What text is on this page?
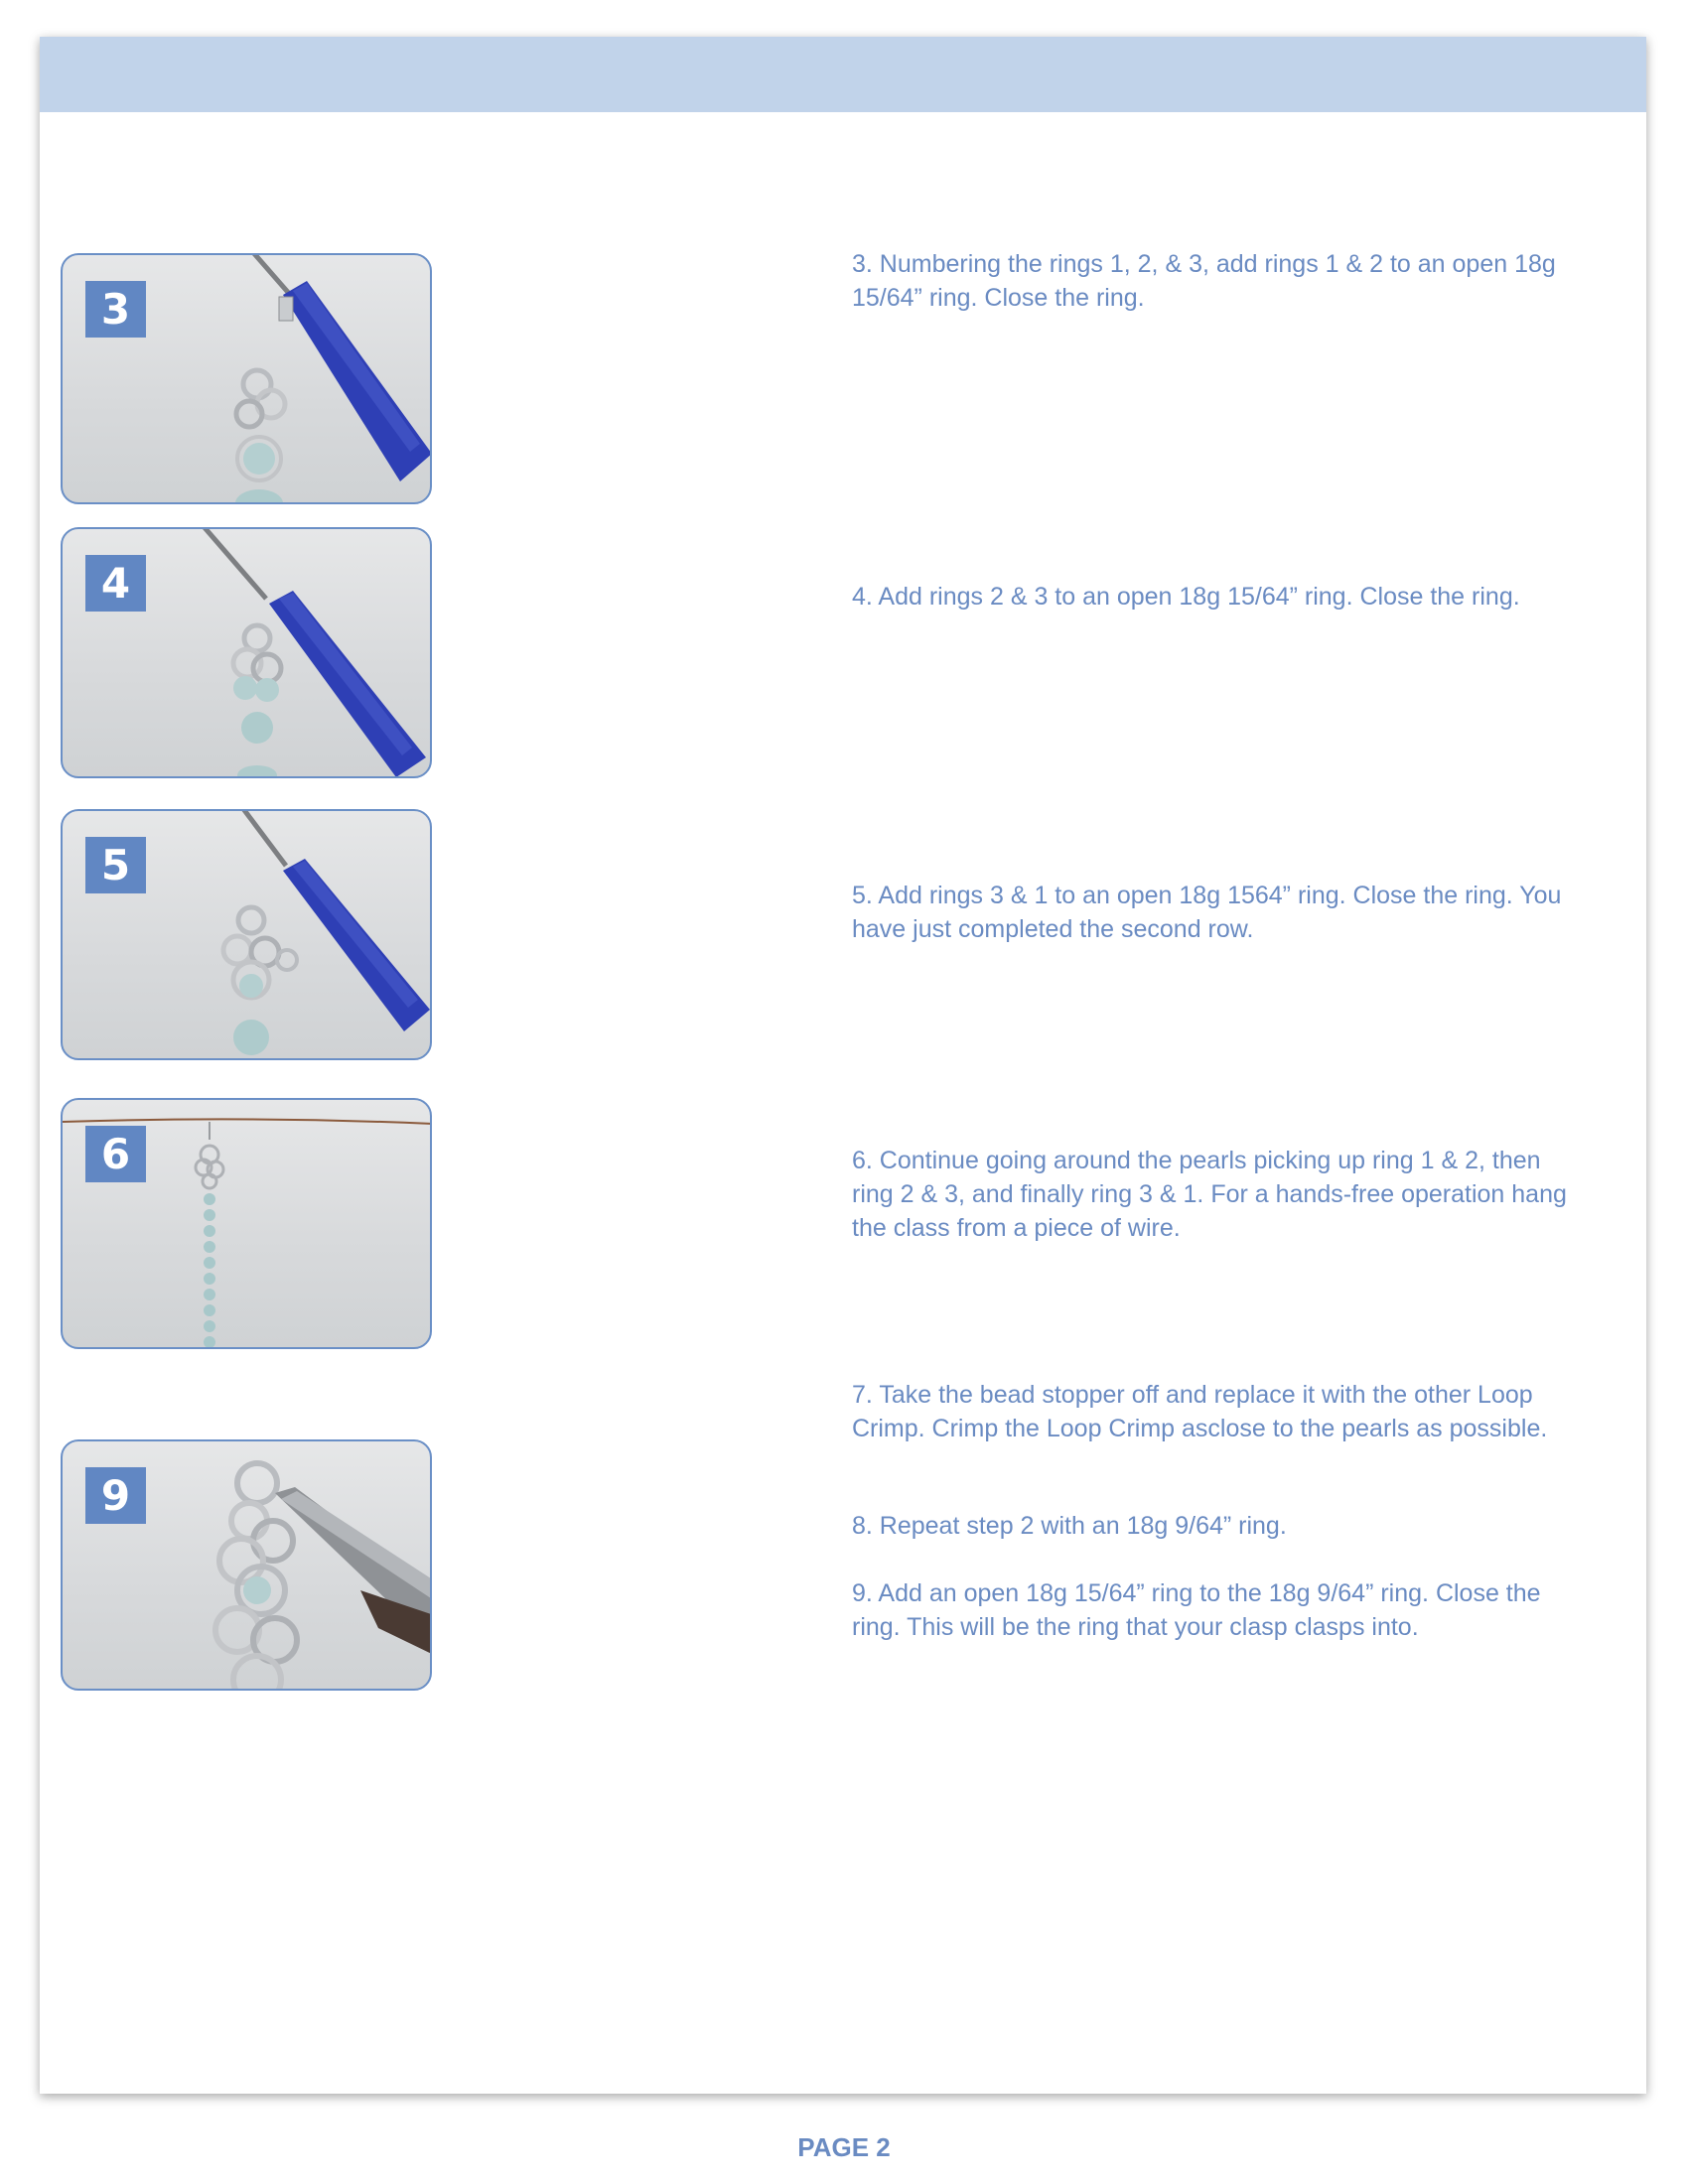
3
4
5
6
9

3. Numbering the rings 1, 2, & 3, add rings 1 & 2 to an open 18g 15/64” ring. Close the ring.

4. Add rings 2 & 3 to an open 18g 15/64” ring. Close the ring.

5. Add rings 3 & 1 to an open 18g 1564” ring. Close the ring. You have just completed the second row.

6. Continue going around the pearls picking up ring 1 & 2, then ring 2 & 3, and finally ring 3 & 1. For a hands-free operation hang the class from a piece of wire.

7. Take the bead stopper off and replace it with the other Loop Crimp. Crimp the Loop Crimp asclose to the pearls as possible.

8. Repeat step 2 with an 18g 9/64” ring.

9. Add an open 18g 15/64” ring to the 18g 9/64” ring. Close the ring. This will be the ring that your clasp clasps into.

PAGE 2
